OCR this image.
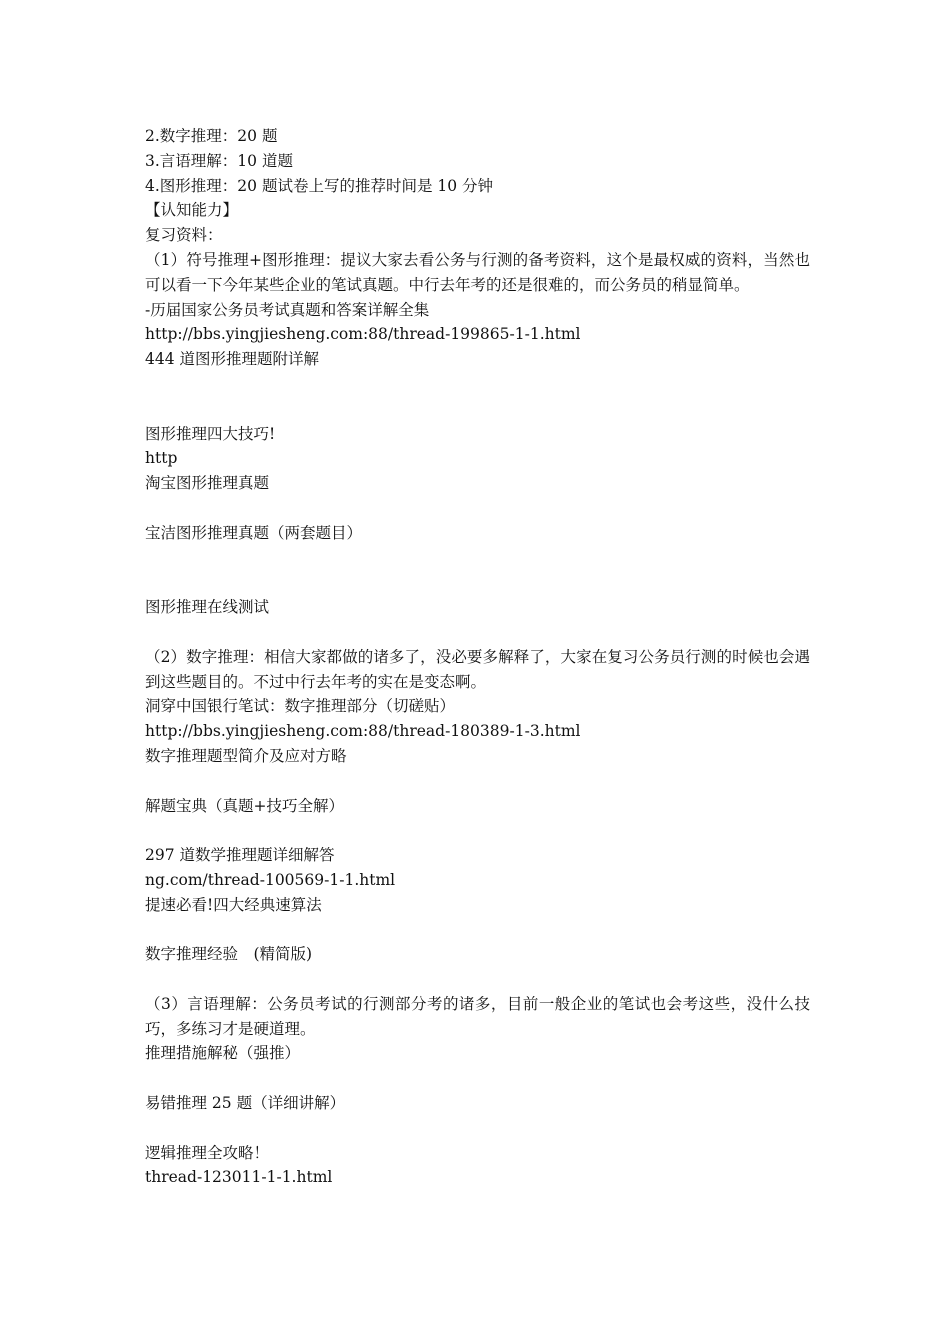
2.数字推理：20 题
3.言语理解：10 道题
4.图形推理：20 题试卷上写的推荐时间是 10 分钟
【认知能力】
复习资料：
（1）符号推理+图形推理：提议大家去看公务与行测的备考资料，这个是最权威的资料，当然也可以看一下今年某些企业的笔试真题。中行去年考的还是很难的，而公务员的稍显简单。
-历届国家公务员考试真题和答案详解全集
http://bbs.yingjiesheng.com:88/thread-199865-1-1.html
444 道图形推理题附详解
图形推理四大技巧!
http
淘宝图形推理真题
宝洁图形推理真题（两套题目）
图形推理在线测试
（2）数字推理：相信大家都做的诸多了，没必要多解释了，大家在复习公务员行测的时候也会遇到这些题目的。不过中行去年考的实在是变态啊。
洞穿中国银行笔试：数字推理部分（切磋贴）
http://bbs.yingjiesheng.com:88/thread-180389-1-3.html
数字推理题型简介及应对方略
解题宝典（真题+技巧全解）
297 道数学推理题详细解答
ng.com/thread-100569-1-1.html
提速必看!四大经典速算法
数字推理经验　(精简版)
（3）言语理解：公务员考试的行测部分考的诸多，目前一般企业的笔试也会考这些，没什么技巧，多练习才是硬道理。
推理措施解秘（强推）
易错推理 25 题（详细讲解）
逻辑推理全攻略！
thread-123011-1-1.html
